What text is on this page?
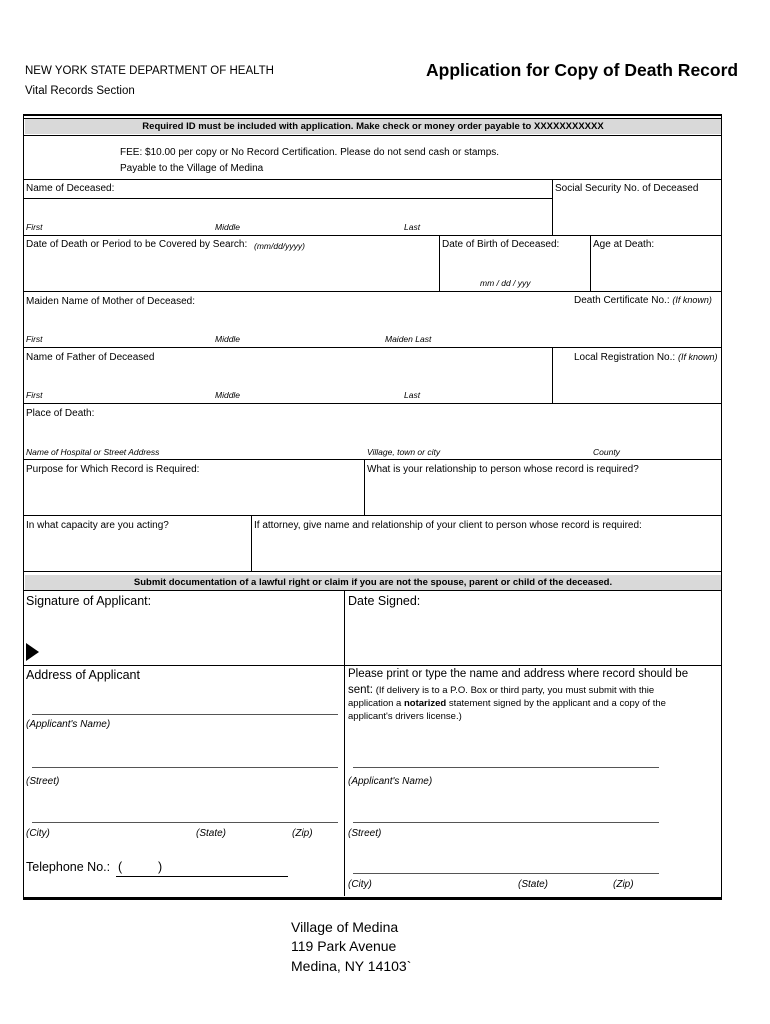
NEW YORK STATE DEPARTMENT OF HEALTH
Vital Records Section
Application for Copy of Death Record
Required ID must be included with application. Make check or money order payable to XXXXXXXXXXX
FEE: $10.00 per copy or No Record Certification. Please do not send cash or stamps.
Payable to the Village of Medina
Name of Deceased:	Social Security No. of Deceased
First	Middle	Last
Date of Death or Period to be Covered by Search: (mm/dd/yyyy)	Date of Birth of Deceased:	Age at Death:
mm / dd / yyy
Maiden Name of Mother of Deceased:	Death Certificate No.: (If known)
First	Middle	Maiden Last
Name of Father of Deceased	Local Registration No.: (If known)
First	Middle	Last
Place of Death:
Name of Hospital or Street Address	Village, town or city	County
Purpose for Which Record is Required:	What is your relationship to person whose record is required?
In what capacity are you acting?	If attorney, give name and relationship of your client to person whose record is required:
Submit documentation of a lawful right or claim if you are not the spouse, parent or child of the deceased.
Signature of Applicant:	Date Signed:
Address of Applicant
(Applicant's Name)
(Street)
(City)	(State)	(Zip)
Telephone No.: (	)
Please print or type the name and address where record should be
sent: (If delivery is to a P.O. Box or third party, you must submit with thie
application a notarized statement signed by the applicant and a copy of the
applicant's drivers license.)
(Applicant's Name)
(Street)
(City)	(State)	(Zip)
Village of Medina
119 Park Avenue
Medina, NY 14103`
